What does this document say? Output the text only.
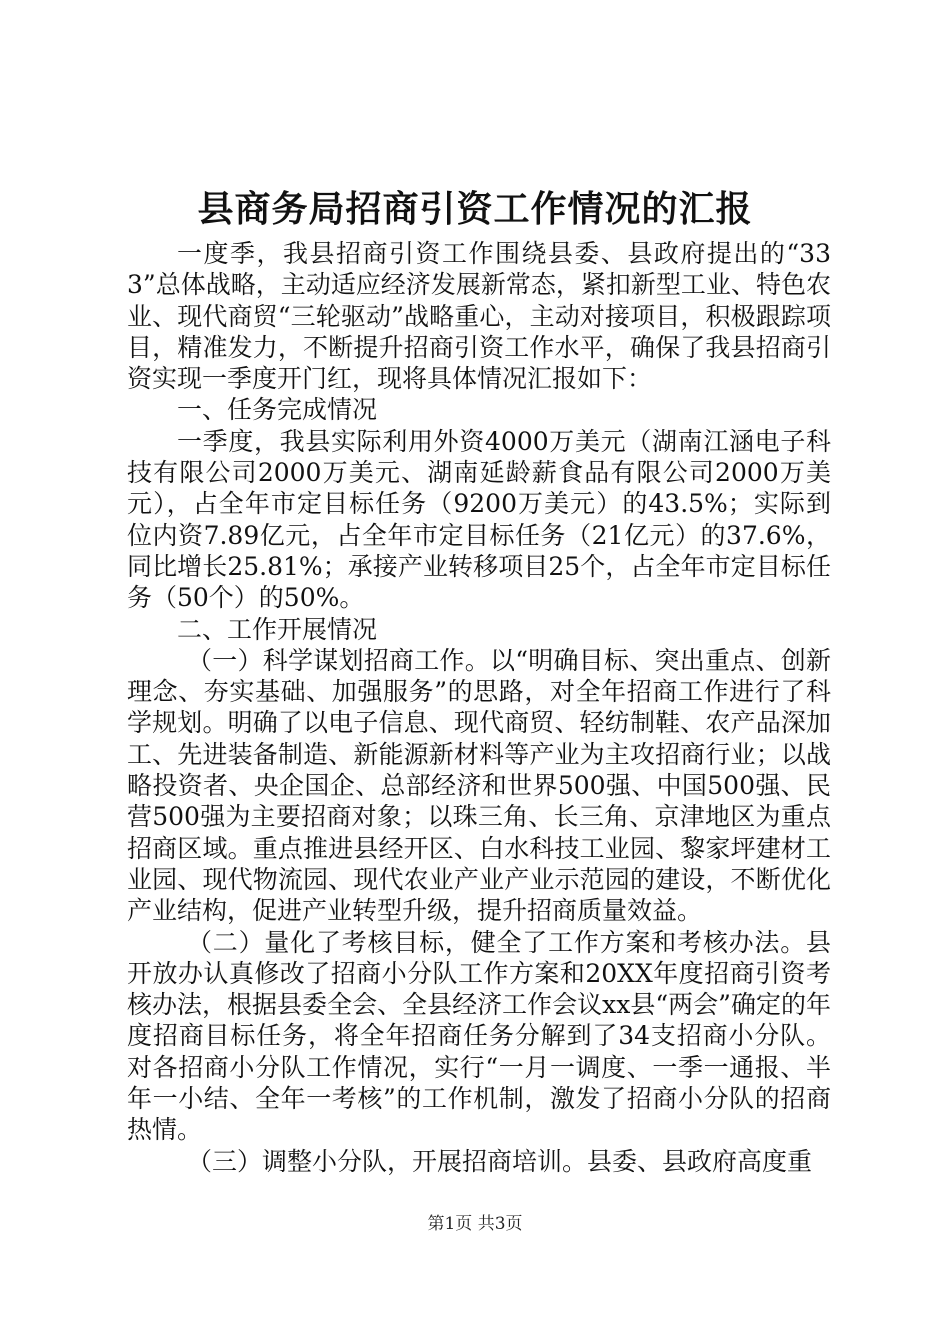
县商务局招商引资工作情况的汇报

一度季，我县招商引资工作围绕县委、县政府提出的“333”总体战略，主动适应经济发展新常态，紧扣新型工业、特色农业、现代商贸“三轮驱动”战略重心，主动对接项目，积极跟踪项目，精准发力，不断提升招商引资工作水平，确保了我县招商引资实现一季度开门红，现将具体情况汇报如下：

一、任务完成情况

一季度，我县实际利用外资4000万美元（湖南江涵电子科技有限公司2000万美元、湖南延龄薪食品有限公司2000万美元），占全年市定目标任务（9200万美元）的43.5%；实际到位内资7.89亿元，占全年市定目标任务（21亿元）的37.6%，同比增长25.81%；承接产业转移项目25个，占全年市定目标任务（50个）的50%。

二、工作开展情况

（一）科学谋划招商工作。以“明确目标、突出重点、创新理念、夯实基础、加强服务”的思路，对全年招商工作进行了科学规划。明确了以电子信息、现代商贸、轻纺制鞋、农产品深加工、先进装备制造、新能源新材料等产业为主攻招商行业；以战略投资者、央企国企、总部经济和世界500强、中国500强、民营500强为主要招商对象；以珠三角、长三角、京津地区为重点招商区域。重点推进县经开区、白水科技工业园、黎家坪建材工业园、现代物流园、现代农业产业产业示范园的建设，不断优化产业结构，促进产业转型升级，提升招商质量效益。

（二）量化了考核目标，健全了工作方案和考核办法。县开放办认真修改了招商小分队工作方案和20XX年度招商引资考核办法，根据县委全会、全县经济工作会议xx县“两会”确定的年度招商目标任务，将全年招商任务分解到了34支招商小分队。对各招商小分队工作情况，实行“一月一调度、一季一通报、半年一小结、全年一考核”的工作机制，激发了招商小分队的招商热情。

（三）调整小分队，开展招商培训。县委、县政府高度重

第1页 共3页
